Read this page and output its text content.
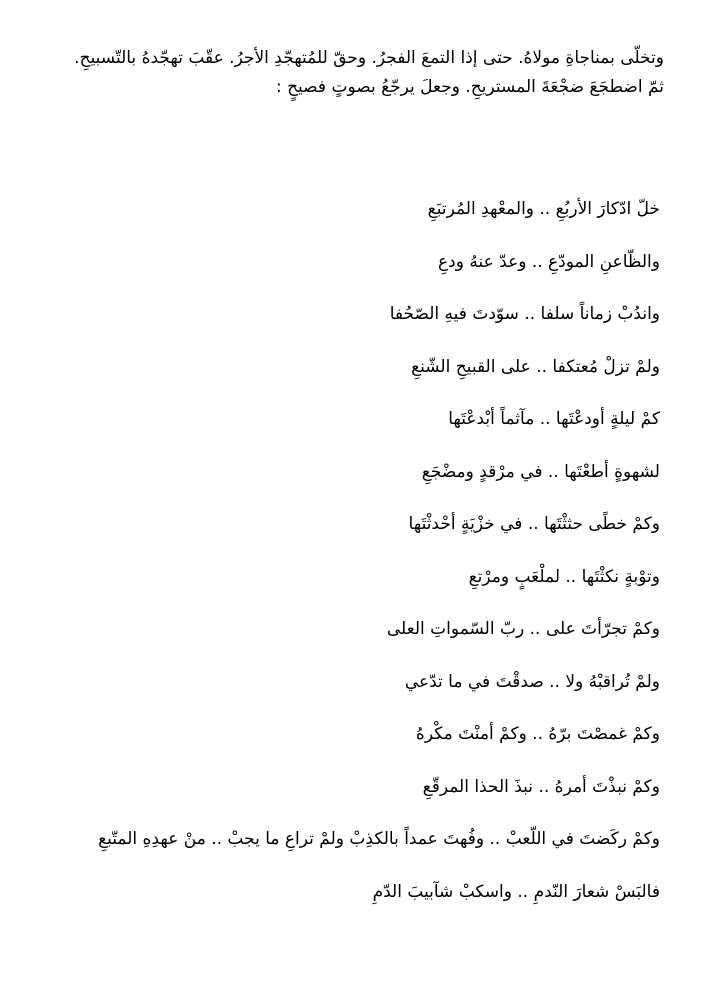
وتخلّى بمناجاةِ مولاهُ. حتى إذا التمعَ الفجرُ. وحقّ للمُتهجّدِ الأجرُ. عقّبَ تهجّدهُ بالتّسبيحِ.

ثمّ اضطجَعَ ضجْعَةَ المستريحِ. وجعلَ يرجّعُ بصوتٍ فصيحٍ :

خلّ ادّكارَ الأربُعِ .. والمعْهدِ المُرتبَعِ

والظّاعنِ المودّعِ .. وعدّ عنهُ ودعِ

واندُبْ زماناً سلفا .. سوّدتَ فيهِ الصّحُفا

ولمْ تزلْ مُعتكفا .. على القبيحِ الشّنعِ

كمْ ليلةٍ أودعْتَها .. مآثماً أبْدعْتَها

لشهوةٍ أطعْتَها .. في مرْقدٍ ومضْجَعِ

وكمْ خطًى حثثْتَها .. في خزْيَةٍ أحْدثْتَها

وتوْبةٍ نكثْتَها .. لملْعَبٍ ومرْتعِ

وكمْ تجرّأتَ على .. ربّ السّمواتِ العلى

ولمْ تُراقبْهُ ولا .. صدقْتَ في ما تدّعي

وكمْ غمصْتَ برّهُ .. وكمْ أمنْتَ مكْرهُ

وكمْ نبذْتَ أمرهُ .. نبذَ الحذا المرقّعِ

وكمْ ركَضتَ في اللّعبْ .. وفُهتَ عمداً بالكذِبْ ولمْ تراعِ ما يجبْ .. منْ عهدِهِ المتّبعِ

فالبَسْ شعارَ النّدمِ .. واسكبْ شآبيبَ الدّمِ
